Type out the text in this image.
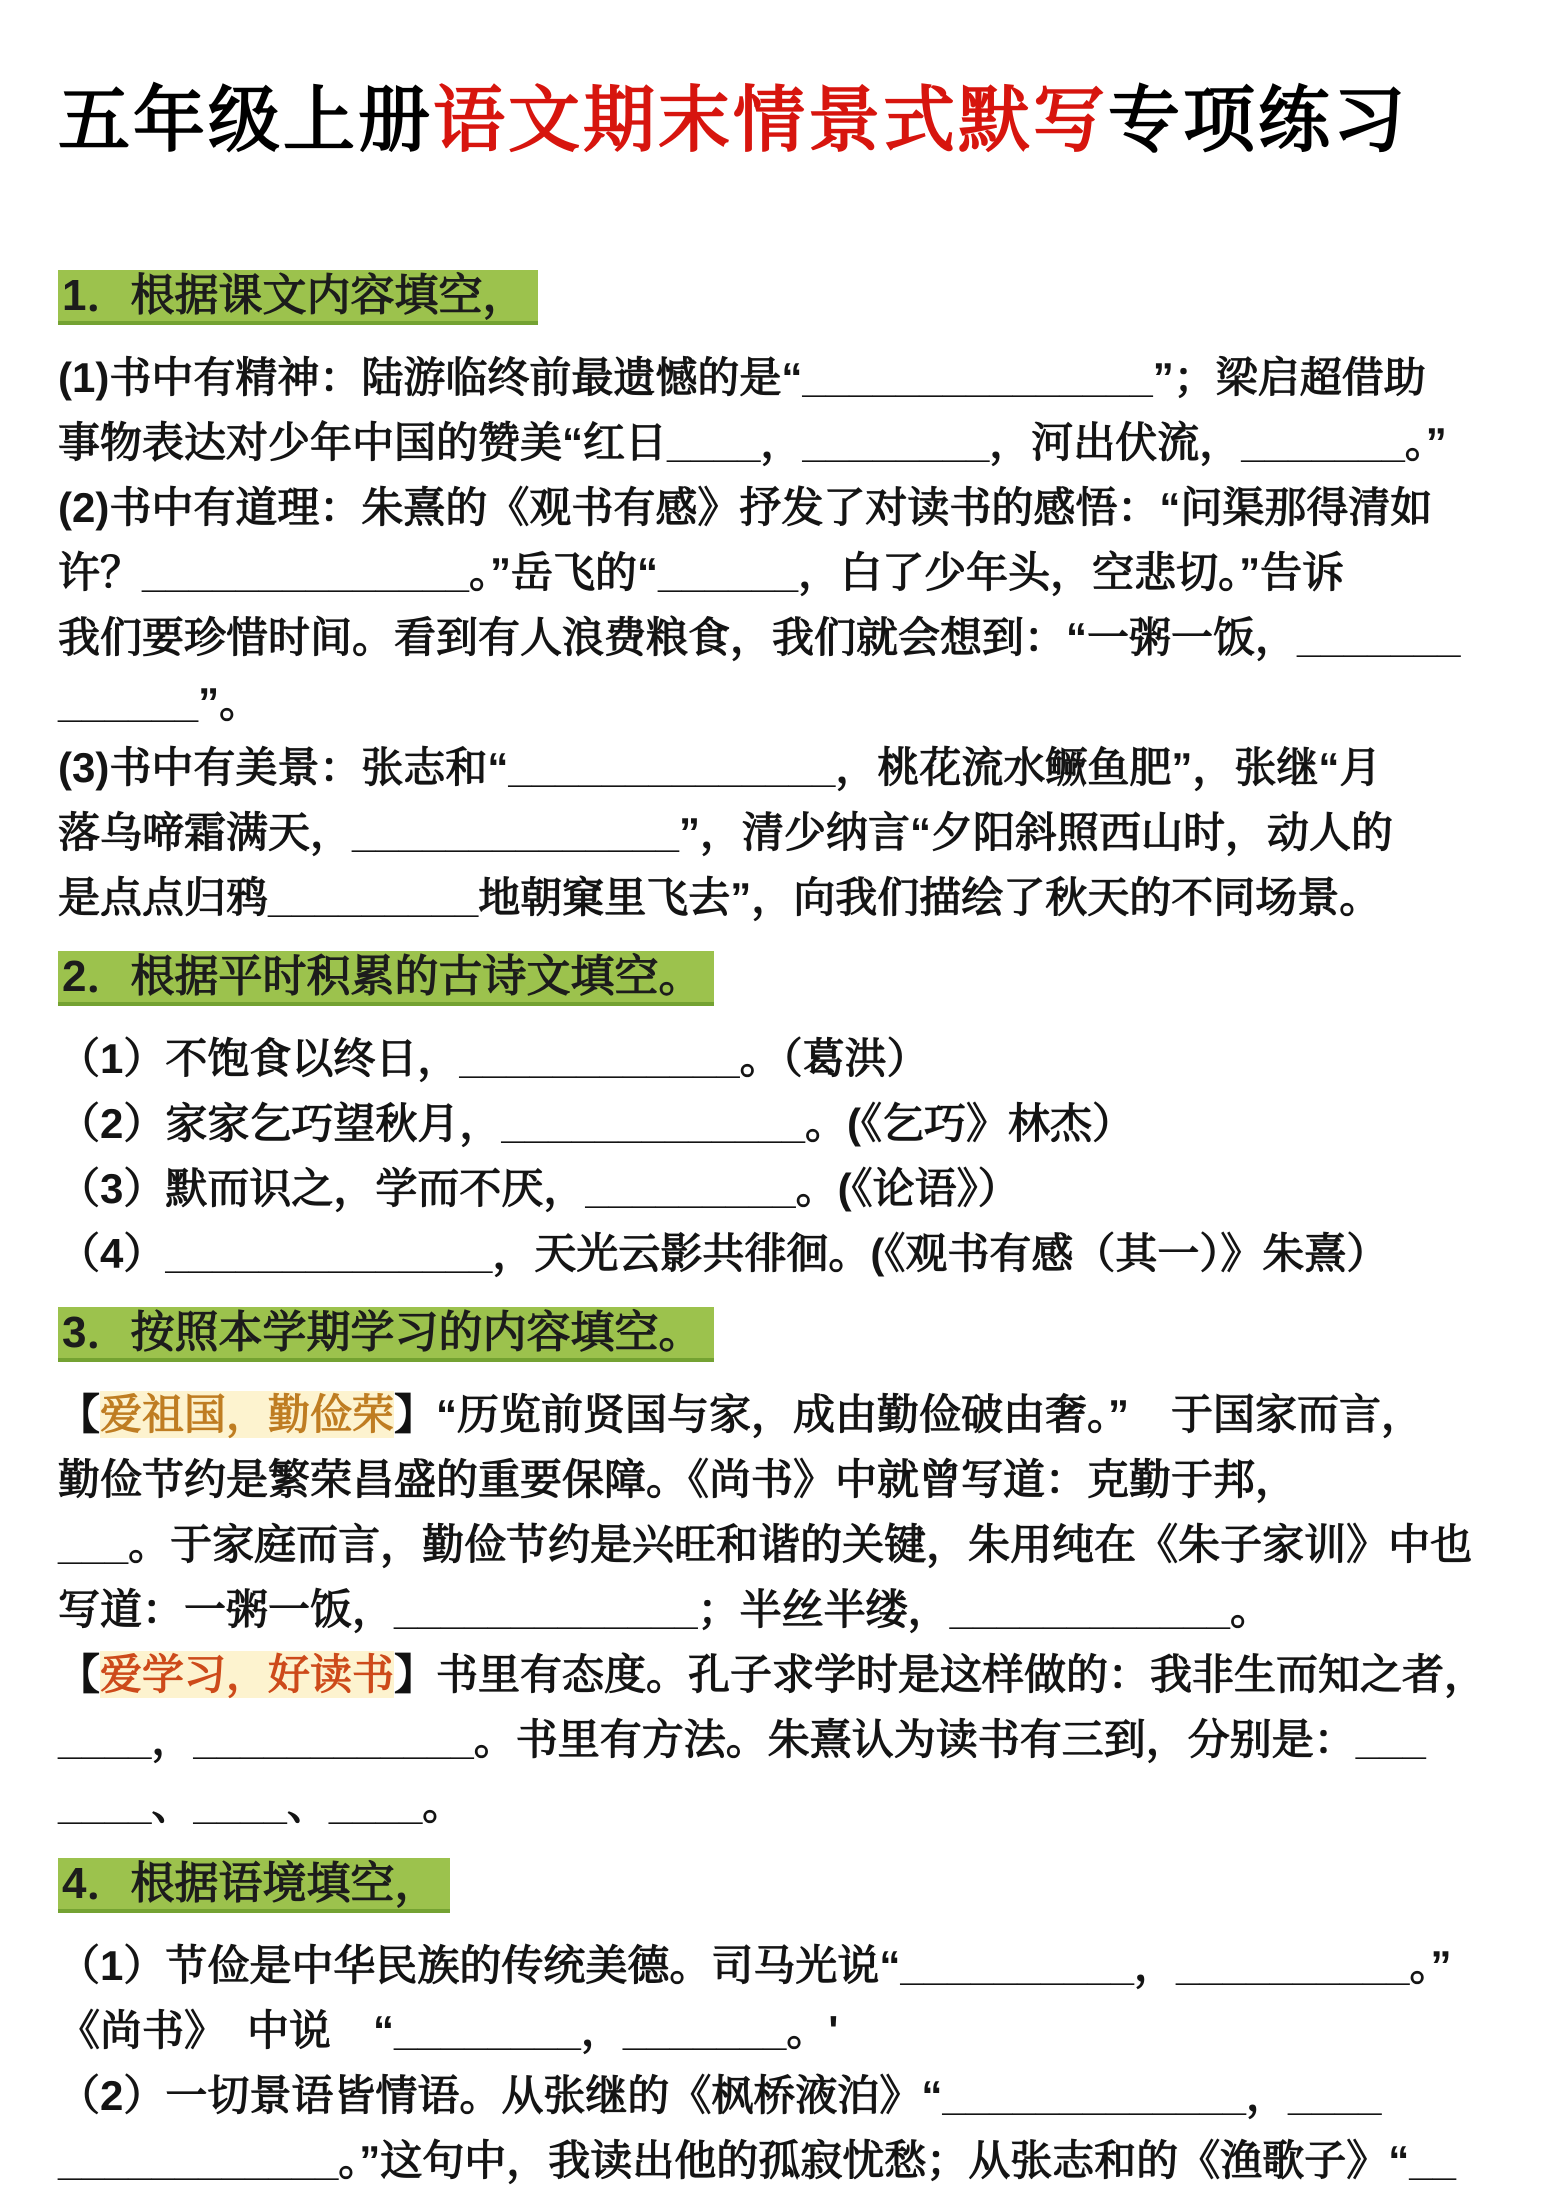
五年级上册语文期末情景式默写专项练习
1．根据课文内容填空，
(1)书中有精神：陆游临终前最遗憾的是“_______________”；梁启超借助
事物表达对少年中国的赞美“红日____，________，河出伏流，_______。”
(2)书中有道理：朱熹的《观书有感》抒发了对读书的感悟：“问渠那得清如
许？______________。”岳飞的“______，白了少年头，空悲切。”告诉
我们要珍惜时间。看到有人浪费粮食，我们就会想到：“一粥一饭，_______
______”。
(3)书中有美景：张志和“______________，桃花流水鳜鱼肥”，张继“月
落乌啼霜满天，______________”，清少纳言“夕阳斜照西山时，动人的
是点点归鸦_________地朝窠里飞去”，向我们描绘了秋天的不同场景。
2．根据平时积累的古诗文填空。
（1）不饱食以终日，____________。（葛洪）
（2）家家乞巧望秋月，_____________。(《乞巧》林杰）
（3）默而识之，学而不厌，_________。(《论语》）
（4）______________，天光云影共徘徊。(《观书有感（其一）》朱熹）
3．按照本学期学习的内容填空。
【爱祖国，勤俭荣】“历览前贤国与家，成由勤俭破由奢。”　于国家而言，
勤俭节约是繁荣昌盛的重要保障。《尚书》中就曾写道：克勤于邦，
___。于家庭而言，勤俭节约是兴旺和谐的关键，朱用纯在《朱子家训》中也
写道：一粥一饭，_____________；半丝半缕，____________。
【爱学习，好读书】书里有态度。孔子求学时是这样做的：我非生而知之者，
____，____________。书里有方法。朱熹认为读书有三到，分别是：___
____、____、____。
4．根据语境填空，
（1）节俭是中华民族的传统美德。司马光说“__________，__________。”
《尚书》　中说　“________，_______。'
（2）一切景语皆情语。从张继的《枫桥液泊》“_____________，____
____________。”这句中，我读出他的孤寂忧愁；从张志和的《渔歌子》“__
